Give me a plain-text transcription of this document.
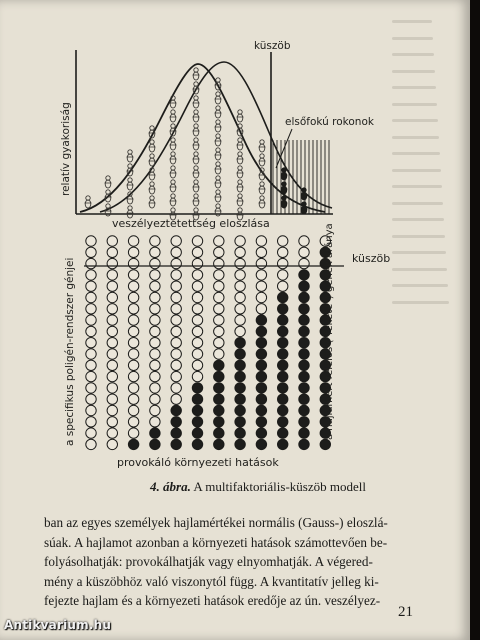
küszöb
elsőfokú rokonok
relatív gyakoriság
veszélyeztetettség eloszlása
küszöb
a specifikus poligén-rendszer génjei	a hajlamért felelős ("fekete") gének aránya
provokáló környezeti hatások
4. ábra. A multifaktoriális-küszöb modell

ban az egyes személyek hajlamértékei normális (Gauss-) eloszlá-

súak. A hajlamot azonban a környezeti hatások számottevően be-

folyásolhatják: provokálhatják vagy elnyomhatják. A végered-

mény a küszöbhöz való viszonytól függ. A kvantitatív jelleg ki-

fejezte hajlam és a környezeti hatások eredője az ún. veszélyez-

21
Antikvarium.hu
